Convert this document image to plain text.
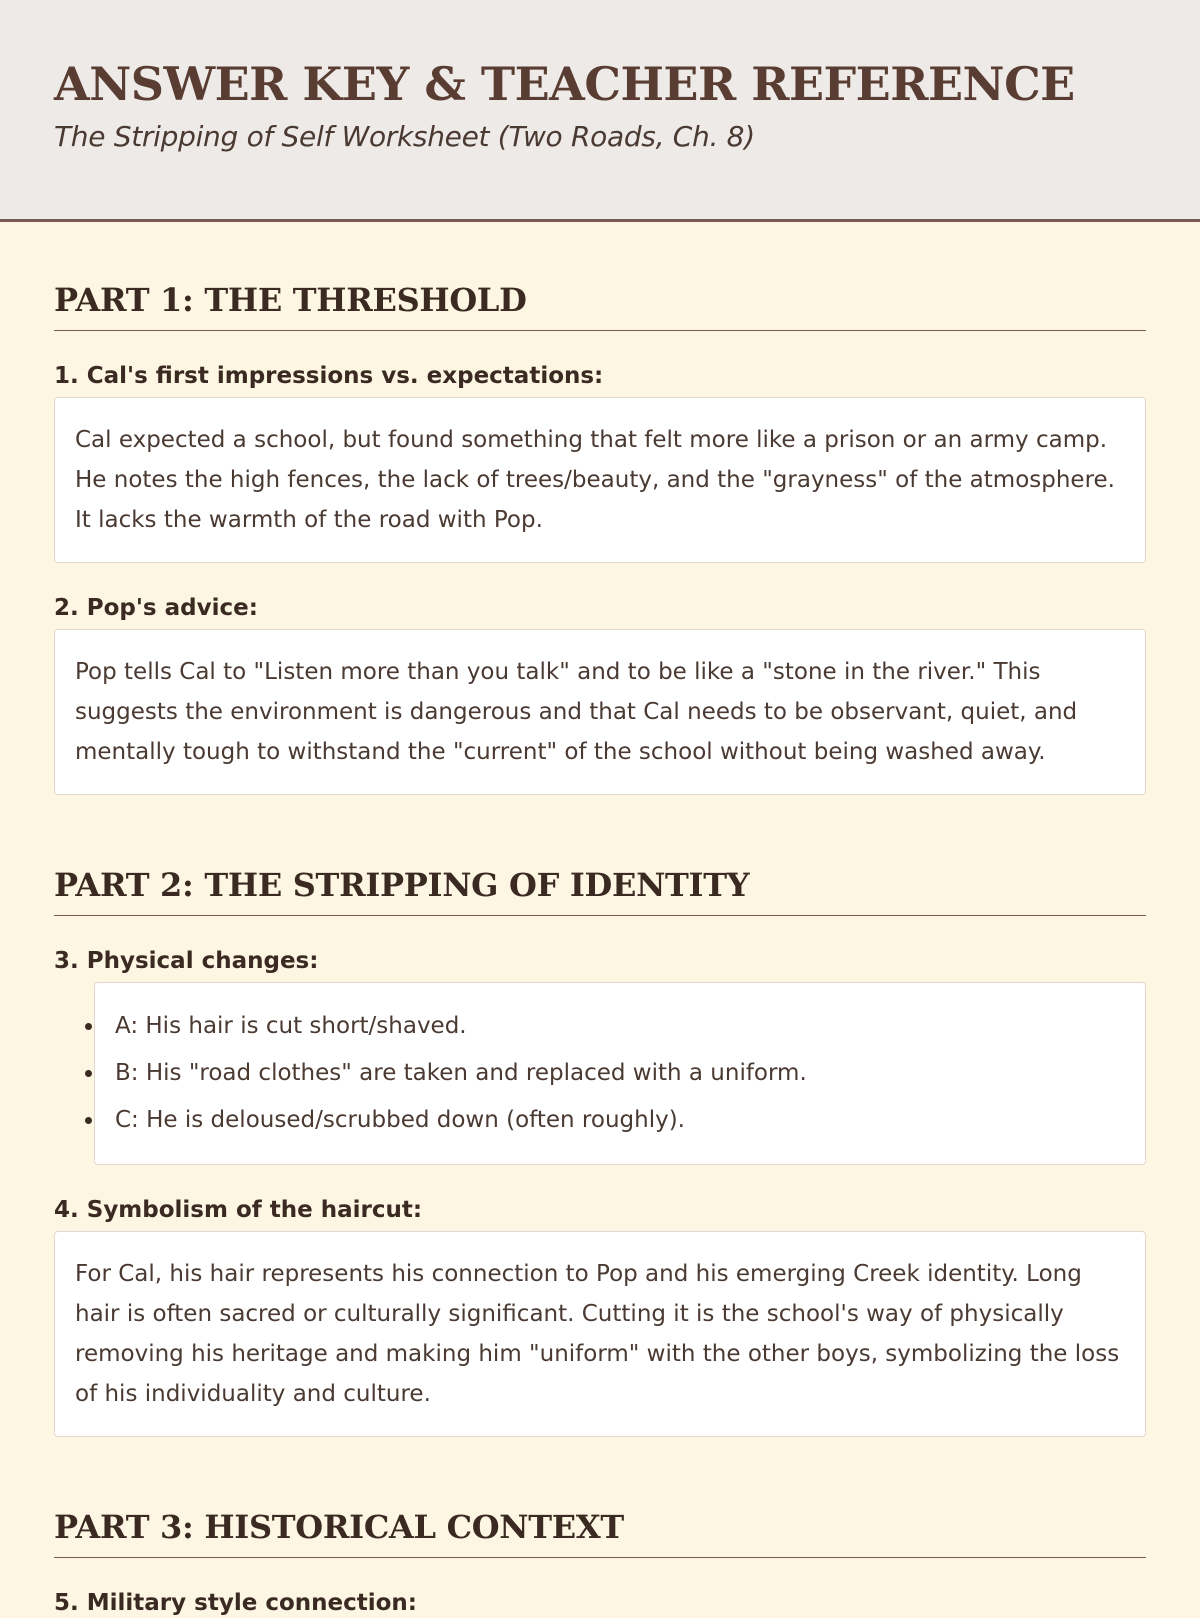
ANSWER KEY & TEACHER REFERENCE
The Stripping of Self Worksheet (Two Roads, Ch. 8)
PART 1: THE THRESHOLD
1. Cal's first impressions vs. expectations:
Cal expected a school, but found something that felt more like a prison or an army camp. He notes the high fences, the lack of trees/beauty, and the "grayness" of the atmosphere. It lacks the warmth of the road with Pop.
2. Pop's advice:
Pop tells Cal to "Listen more than you talk" and to be like a "stone in the river." This suggests the environment is dangerous and that Cal needs to be observant, quiet, and mentally tough to withstand the "current" of the school without being washed away.
PART 2: THE STRIPPING OF IDENTITY
3. Physical changes:
A: His hair is cut short/shaved.
B: His "road clothes" are taken and replaced with a uniform.
C: He is deloused/scrubbed down (often roughly).
4. Symbolism of the haircut:
For Cal, his hair represents his connection to Pop and his emerging Creek identity. Long hair is often sacred or culturally significant. Cutting it is the school's way of physically removing his heritage and making him "uniform" with the other boys, symbolizing the loss of his individuality and culture.
PART 3: HISTORICAL CONTEXT
5. Military style connection:
